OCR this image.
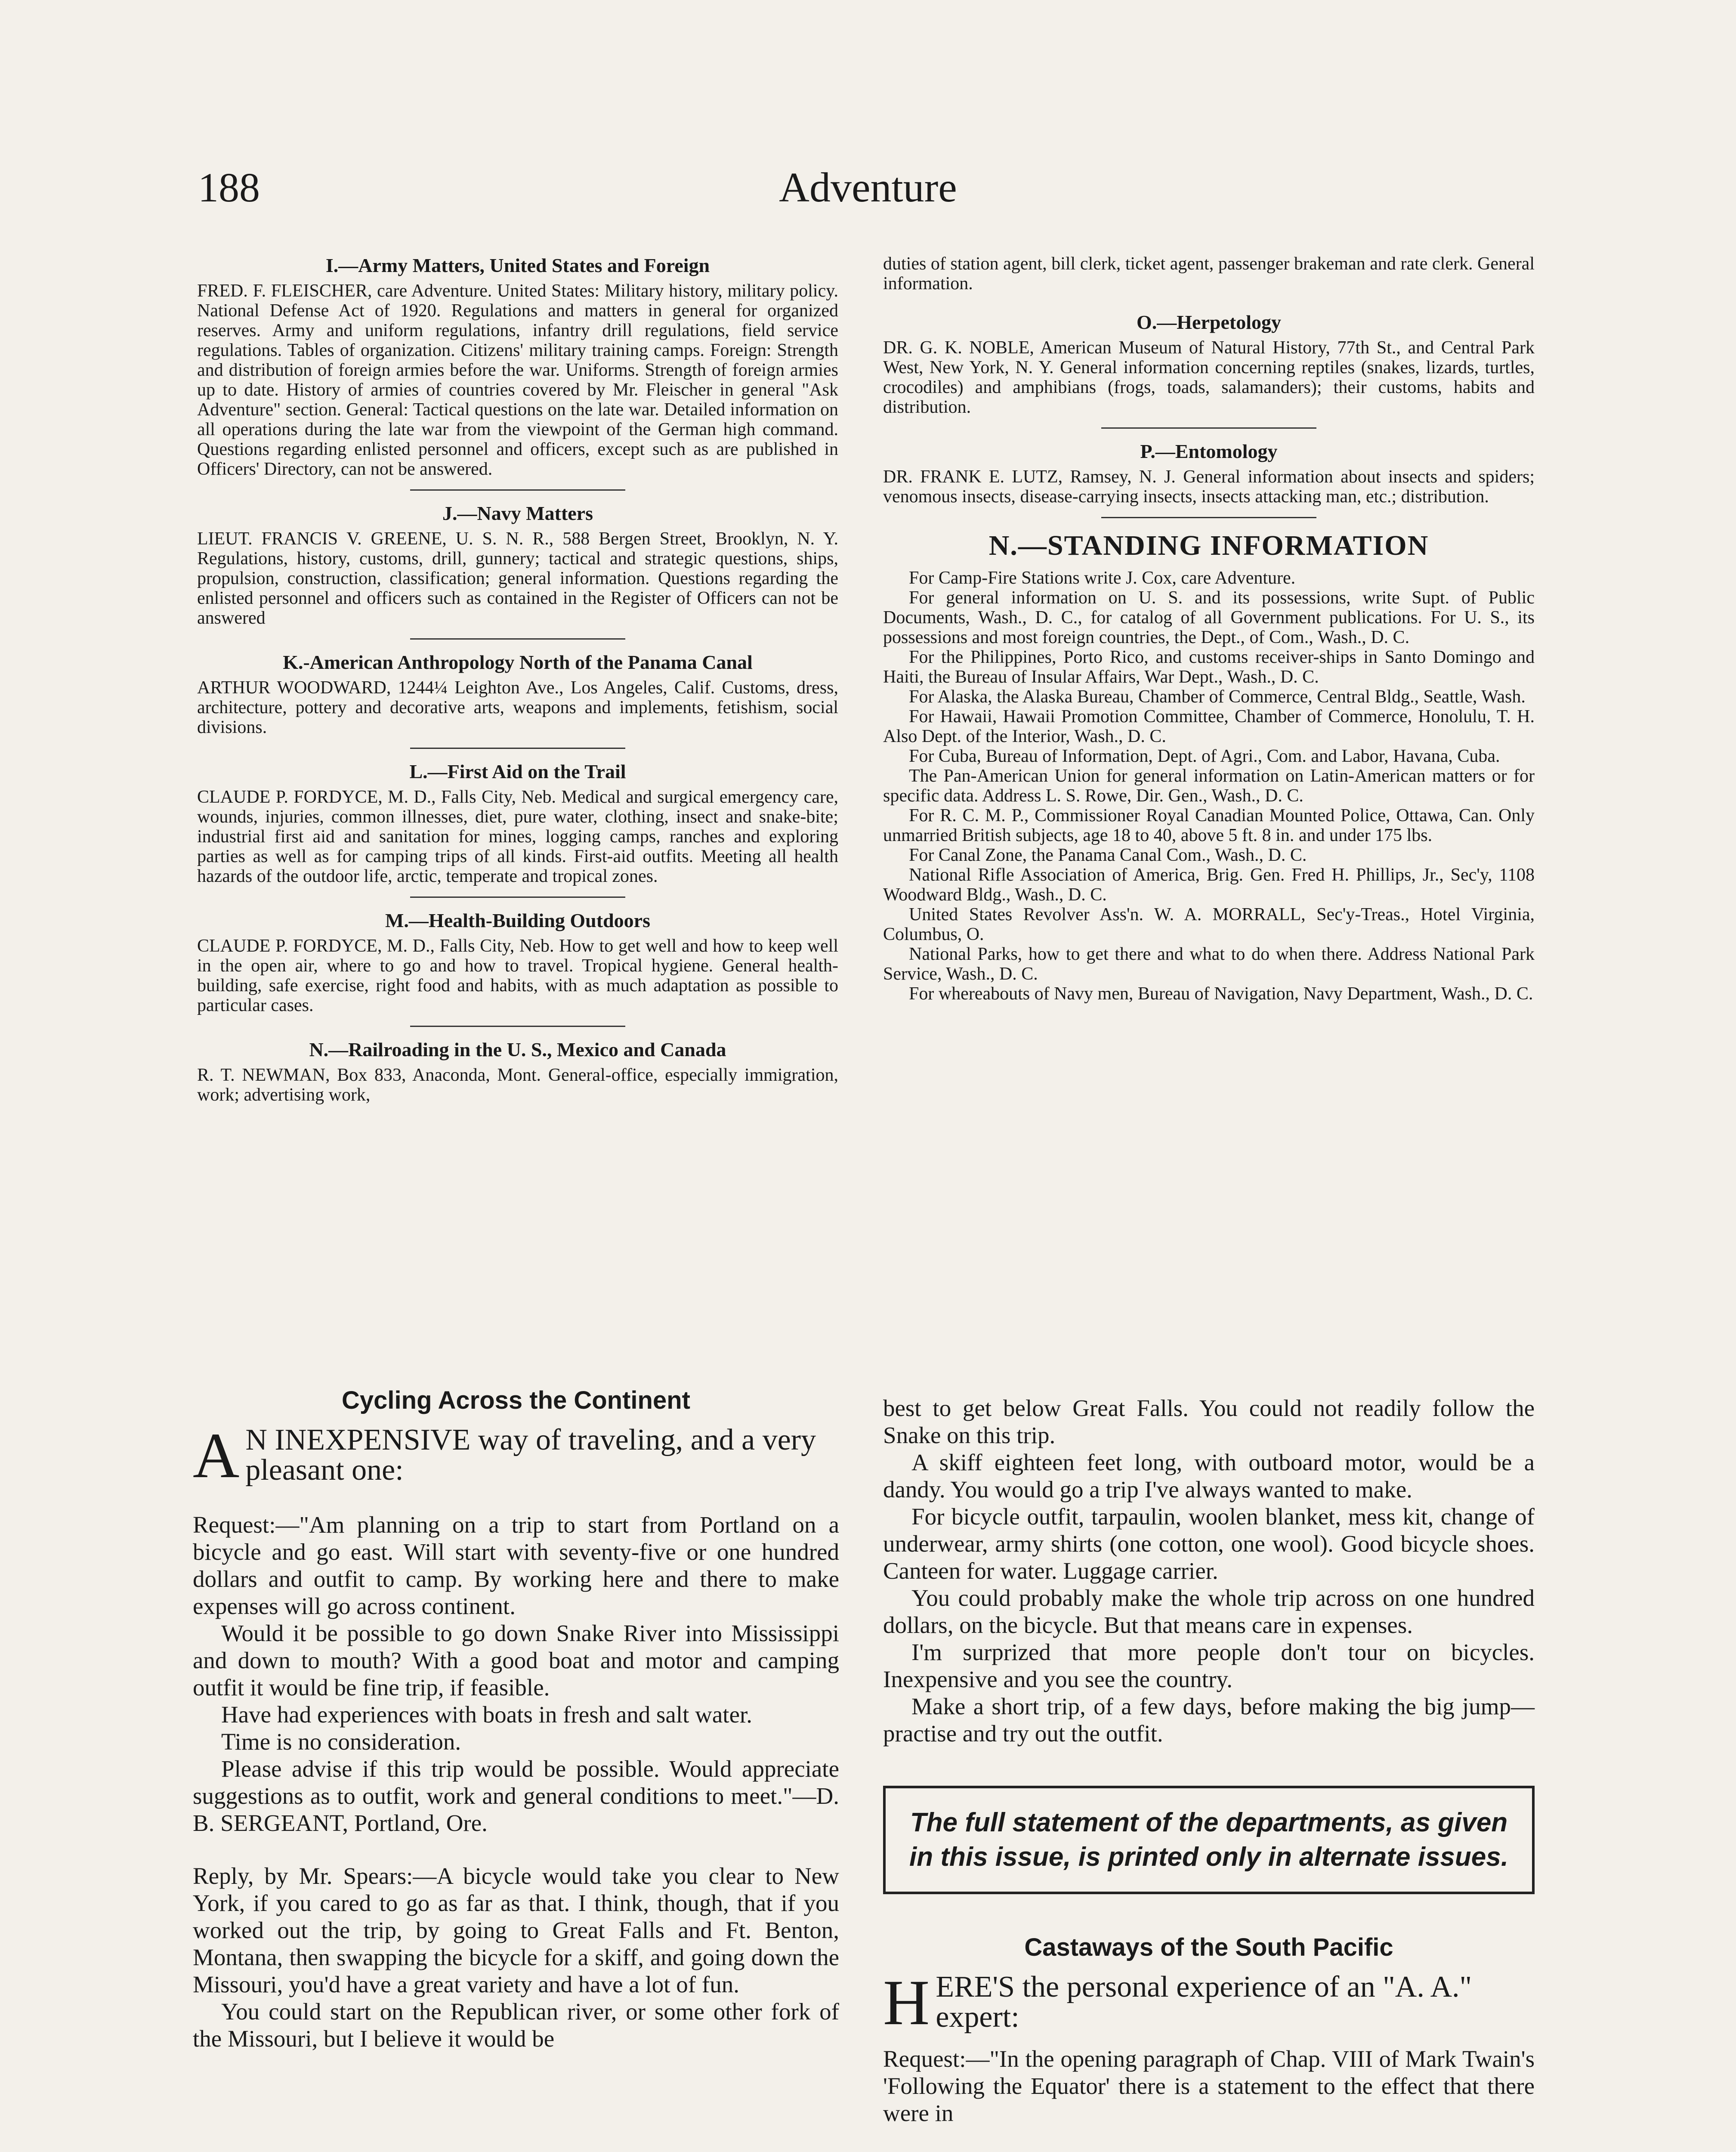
188	Adventure

I.—Army Matters, United States and Foreign

FRED. F. FLEISCHER, care Adventure. United States: Military history, military policy. National Defense Act of 1920. Regulations and matters in general for organized reserves. Army and uniform regulations, infantry drill regulations, field service regulations. Tables of organization. Citizens' military training camps. Foreign: Strength and distribution of foreign armies before the war. Uniforms. Strength of foreign armies up to date. History of armies of countries covered by Mr. Fleischer in general "Ask Adventure" section. General: Tactical questions on the late war. Detailed information on all operations during the late war from the viewpoint of the German high command. Questions regarding enlisted personnel and officers, except such as are published in Officers' Directory, can not be answered.

J.—Navy Matters

LIEUT. FRANCIS V. GREENE, U. S. N. R., 588 Bergen Street, Brooklyn, N. Y. Regulations, history, customs, drill, gunnery; tactical and strategic questions, ships, propulsion, construction, classification; general information. Questions regarding the enlisted personnel and officers such as contained in the Register of Officers can not be answered

K.-American Anthropology North of the Panama Canal

ARTHUR WOODWARD, 1244¼ Leighton Ave., Los Angeles, Calif. Customs, dress, architecture, pottery and decorative arts, weapons and implements, fetishism, social divisions.

L.—First Aid on the Trail

CLAUDE P. FORDYCE, M. D., Falls City, Neb. Medical and surgical emergency care, wounds, injuries, common illnesses, diet, pure water, clothing, insect and snake-bite; industrial first aid and sanitation for mines, logging camps, ranches and exploring parties as well as for camping trips of all kinds. First-aid outfits. Meeting all health hazards of the outdoor life, arctic, temperate and tropical zones.

M.—Health-Building Outdoors

CLAUDE P. FORDYCE, M. D., Falls City, Neb. How to get well and how to keep well in the open air, where to go and how to travel. Tropical hygiene. General health-building, safe exercise, right food and habits, with as much adaptation as possible to particular cases.

N.—Railroading in the U. S., Mexico and Canada

R. T. NEWMAN, Box 833, Anaconda, Mont. General-office, especially immigration, work; advertising work,

duties of station agent, bill clerk, ticket agent, passenger brakeman and rate clerk. General information.

O.—Herpetology

DR. G. K. NOBLE, American Museum of Natural History, 77th St., and Central Park West, New York, N. Y. General information concerning reptiles (snakes, lizards, turtles, crocodiles) and amphibians (frogs, toads, salamanders); their customs, habits and distribution.

P.—Entomology

DR. FRANK E. LUTZ, Ramsey, N. J. General information about insects and spiders; venomous insects, disease-carrying insects, insects attacking man, etc.; distribution.

N.—STANDING INFORMATION

For Camp-Fire Stations write J. Cox, care Adventure.

For general information on U. S. and its possessions, write Supt. of Public Documents, Wash., D. C., for catalog of all Government publications. For U. S., its possessions and most foreign countries, the Dept., of Com., Wash., D. C.

For the Philippines, Porto Rico, and customs receiver-ships in Santo Domingo and Haiti, the Bureau of Insular Affairs, War Dept., Wash., D. C.

For Alaska, the Alaska Bureau, Chamber of Commerce, Central Bldg., Seattle, Wash.

For Hawaii, Hawaii Promotion Committee, Chamber of Commerce, Honolulu, T. H. Also Dept. of the Interior, Wash., D. C.

For Cuba, Bureau of Information, Dept. of Agri., Com. and Labor, Havana, Cuba.

The Pan-American Union for general information on Latin-American matters or for specific data. Address L. S. Rowe, Dir. Gen., Wash., D. C.

For R. C. M. P., Commissioner Royal Canadian Mounted Police, Ottawa, Can. Only unmarried British subjects, age 18 to 40, above 5 ft. 8 in. and under 175 lbs.

For Canal Zone, the Panama Canal Com., Wash., D. C.

National Rifle Association of America, Brig. Gen. Fred H. Phillips, Jr., Sec'y, 1108 Woodward Bldg., Wash., D. C.

United States Revolver Ass'n. W. A. MORRALL, Sec'y-Treas., Hotel Virginia, Columbus, O.

National Parks, how to get there and what to do when there. Address National Park Service, Wash., D. C.

For whereabouts of Navy men, Bureau of Navigation, Navy Department, Wash., D. C.

Cycling Across the Continent

A N INEXPENSIVE way of traveling, and a very pleasant one:

Request:—"Am planning on a trip to start from Portland on a bicycle and go east. Will start with seventy-five or one hundred dollars and outfit to camp. By working here and there to make expenses will go across continent.

Would it be possible to go down Snake River into Mississippi and down to mouth? With a good boat and motor and camping outfit it would be fine trip, if feasible.

Have had experiences with boats in fresh and salt water.

Time is no consideration.

Please advise if this trip would be possible. Would appreciate suggestions as to outfit, work and general conditions to meet."—D. B. SERGEANT, Portland, Ore.

Reply, by Mr. Spears:—A bicycle would take you clear to New York, if you cared to go as far as that. I think, though, that if you worked out the trip, by going to Great Falls and Ft. Benton, Montana, then swapping the bicycle for a skiff, and going down the Missouri, you'd have a great variety and have a lot of fun.

You could start on the Republican river, or some other fork of the Missouri, but I believe it would be

best to get below Great Falls. You could not readily follow the Snake on this trip.

A skiff eighteen feet long, with outboard motor, would be a dandy. You would go a trip I've always wanted to make.

For bicycle outfit, tarpaulin, woolen blanket, mess kit, change of underwear, army shirts (one cotton, one wool). Good bicycle shoes. Canteen for water. Luggage carrier.

You could probably make the whole trip across on one hundred dollars, on the bicycle. But that means care in expenses.

I'm surprized that more people don't tour on bicycles. Inexpensive and you see the country.

Make a short trip, of a few days, before making the big jump—practise and try out the outfit.

The full statement of the departments, as given in this issue, is printed only in alternate issues.

Castaways of the South Pacific

H ERE'S the personal experience of an "A. A." expert:

Request:—"In the opening paragraph of Chap. VIII of Mark Twain's 'Following the Equator' there is a statement to the effect that there were in
